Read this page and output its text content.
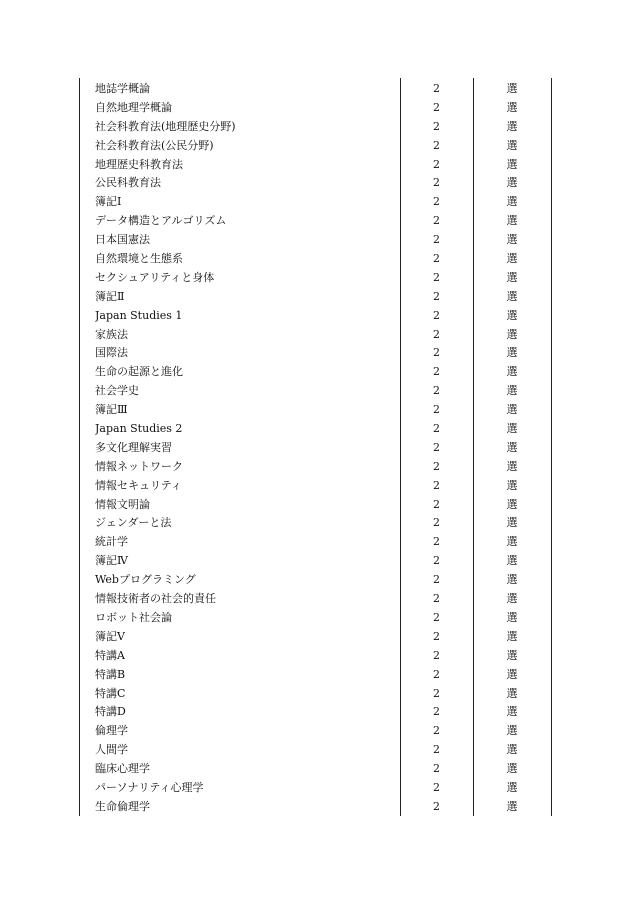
地誌学概論	2	選
自然地理学概論	2	選
社会科教育法(地理歴史分野)	2	選
社会科教育法(公民分野)	2	選
地理歴史科教育法	2	選
公民科教育法	2	選
簿記Ⅰ	2	選
データ構造とアルゴリズム	2	選
日本国憲法	2	選
自然環境と生態系	2	選
セクシュアリティと身体	2	選
簿記Ⅱ	2	選
Japan Studies 1	2	選
家族法	2	選
国際法	2	選
生命の起源と進化	2	選
社会学史	2	選
簿記Ⅲ	2	選
Japan Studies 2	2	選
多文化理解実習	2	選
情報ネットワーク	2	選
情報セキュリティ	2	選
情報文明論	2	選
ジェンダーと法	2	選
統計学	2	選
簿記Ⅳ	2	選
Webプログラミング	2	選
情報技術者の社会的責任	2	選
ロボット社会論	2	選
簿記Ⅴ	2	選
特講A	2	選
特講B	2	選
特講C	2	選
特講D	2	選
倫理学	2	選
人間学	2	選
臨床心理学	2	選
パーソナリティ心理学	2	選
生命倫理学	2	選
